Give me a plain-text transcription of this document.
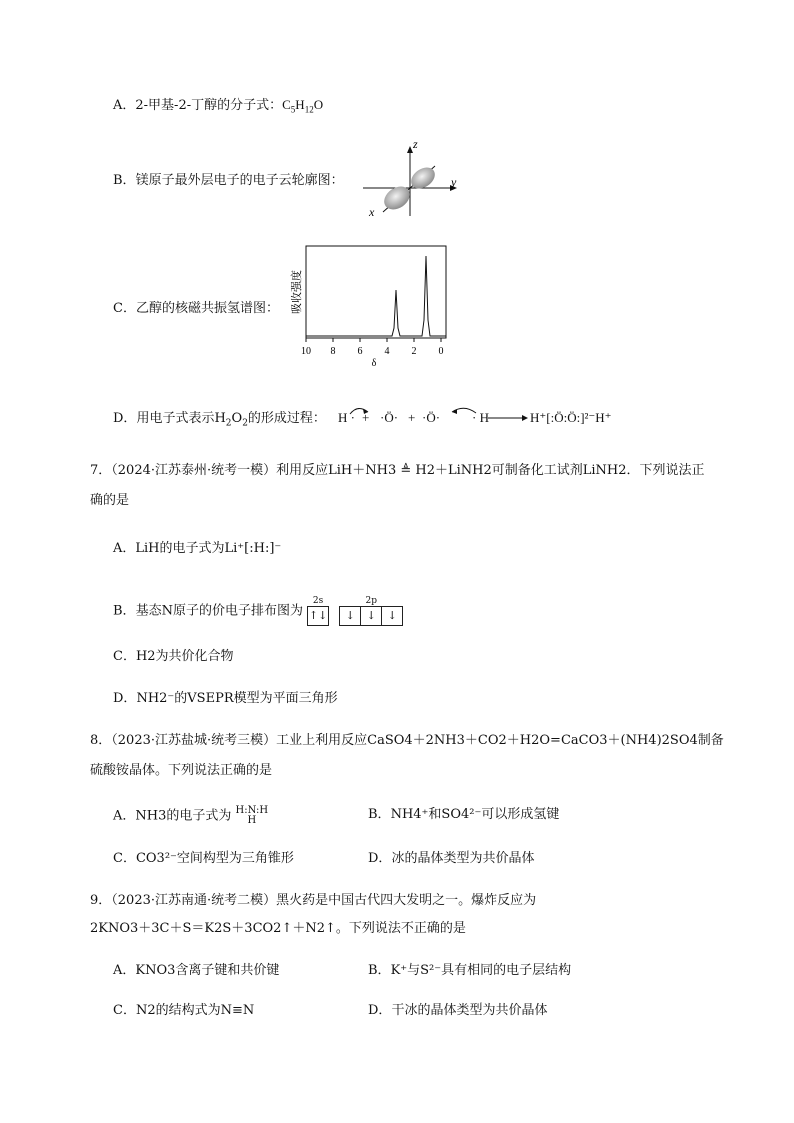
A．2-甲基-2-丁醇的分子式：$C_5H_{12}O$
B．镁原子最外层电子的电子云轮廓图：
z
y
x
C．乙醇的核磁共振氢谱图： 吸收强度
10 8 6 4 2 0
δ
D．用电子式表示$H_2O_2$的形成过程： H · + ·Ö· + ·Ö· · H	H⁺[:Ö:Ö:]²⁻H⁺
7．（2024·江苏泰州·统考一模）利用反应LiH＋NH3 ≜ H2＋LiNH2可制备化工试剂LiNH2．下列说法正
确的是
A．LiH的电子式为Li⁺[:H:]⁻
B．基态N原子的价电子排布图为
2s
↑↓

2p
↓	↓	↓
C．H2为共价化合物
D．NH2⁻的VSEPR模型为平面三角形
8．（2023·江苏盐城·统考三模）工业上利用反应CaSO4＋2NH3＋CO2＋H2O=CaCO3＋(NH4)2SO4制备
硫酸铵晶体。下列说法正确的是
A．NH3的电子式为 H:N:H
H	B．NH4⁺和SO4²⁻可以形成氢键
C．CO3²⁻空间构型为三角锥形	D．冰的晶体类型为共价晶体
9．（2023·江苏南通·统考二模）黑火药是中国古代四大发明之一。爆炸反应为
2KNO3＋3C＋S＝K2S＋3CO2↑＋N2↑。下列说法不正确的是
A．KNO3含离子键和共价键	B．K⁺与S²⁻具有相同的电子层结构
C．N2的结构式为N≡N	D．干冰的晶体类型为共价晶体
